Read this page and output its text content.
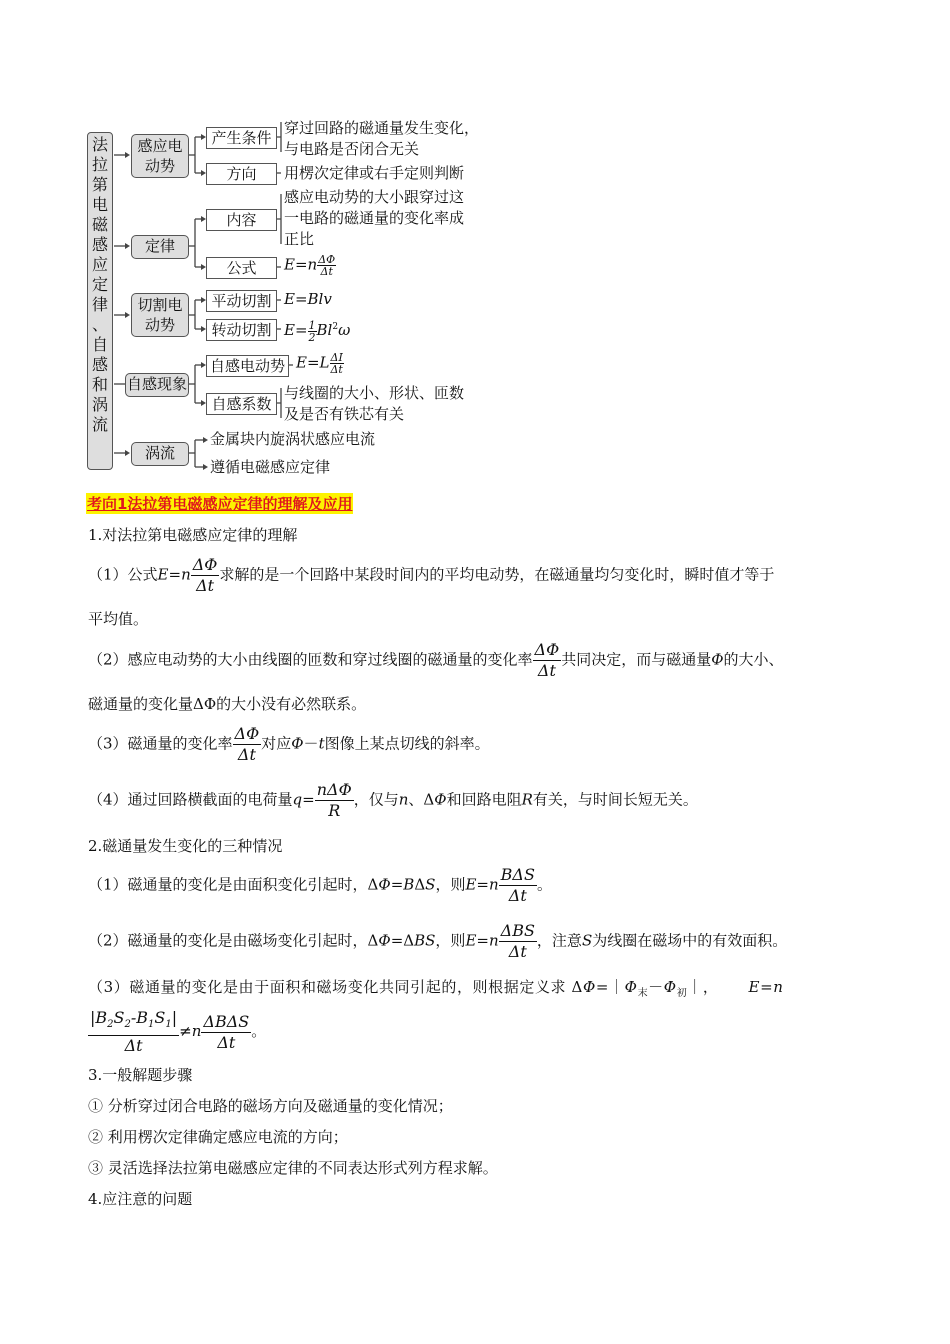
法
拉
第
电
磁
感
应
定
律
、
自
感
和
涡
流
感应电动势
定律
切割电动势
自感现象
涡流
产生条件
方向
内容
公式
平动切割
转动切割
自感电动势
自感系数
穿过回路的磁通量发生变化，
与电路是否闭合无关
用楞次定律或右手定则判断
感应电动势的大小跟穿过这
一电路的磁通量的变化率成
正比
$E=n \frac{\Delta\Phi}{\Delta t}$
E=Blv
$E= \frac{1}{2} Bl^2\omega$
$E=L \frac{\Delta I}{\Delta t}$
与线圈的大小、形状、匝数
及是否有铁芯有关
金属块内旋涡状感应电流
遵循电磁感应定律
考向1法拉第电磁感应定律的理解及应用
1.对法拉第电磁感应定律的理解
（1）公式$E=n \frac{\Delta\Phi}{\Delta t}$ 求解的是一个回路中某段时间内的平均电动势，在磁通量均匀变化时，瞬时值才等于
平均值。
（2）感应电动势的大小由线圈的匝数和穿过线圈的磁通量的变化率 $\frac{\Delta\Phi}{\Delta t}$ 共同决定，而与磁通量Φ的大小、
磁通量的变化量ΔΦ的大小没有必然联系。
（3）磁通量的变化率 $\frac{\Delta\Phi}{\Delta t}$ 对应Φ－t图像上某点切线的斜率。
（4）通过回路横截面的电荷量$q= \frac{\text{nΔΦ}}{R}$ ，仅与n、ΔΦ和回路电阻R有关，与时间长短无关。
2.磁通量发生变化的三种情况
（1）磁通量的变化是由面积变化引起时，ΔΦ=BΔS，则$E=n \frac{\text{BΔS}}{\Delta t}$ 。
（2）磁通量的变化是由磁场变化引起时，ΔΦ=ΔBS，则$E=n \frac{\text{ΔBS}}{\Delta t}$ ，注意S为线圈在磁场中的有效面积。
（3）磁通量的变化是由于面积和磁场变化共同引起的，则根据定义求 $\Delta\Phi=|\Phi_末-\Phi_初|$， E=n
$\frac{|B_2S_2-B_1S_1|}{\Delta t} \ne n \frac{\text{ΔBΔS}}{\Delta t}$ 。
3.一般解题步骤
① 分析穿过闭合电路的磁场方向及磁通量的变化情况；
② 利用楞次定律确定感应电流的方向；
③ 灵活选择法拉第电磁感应定律的不同表达形式列方程求解。
4.应注意的问题
